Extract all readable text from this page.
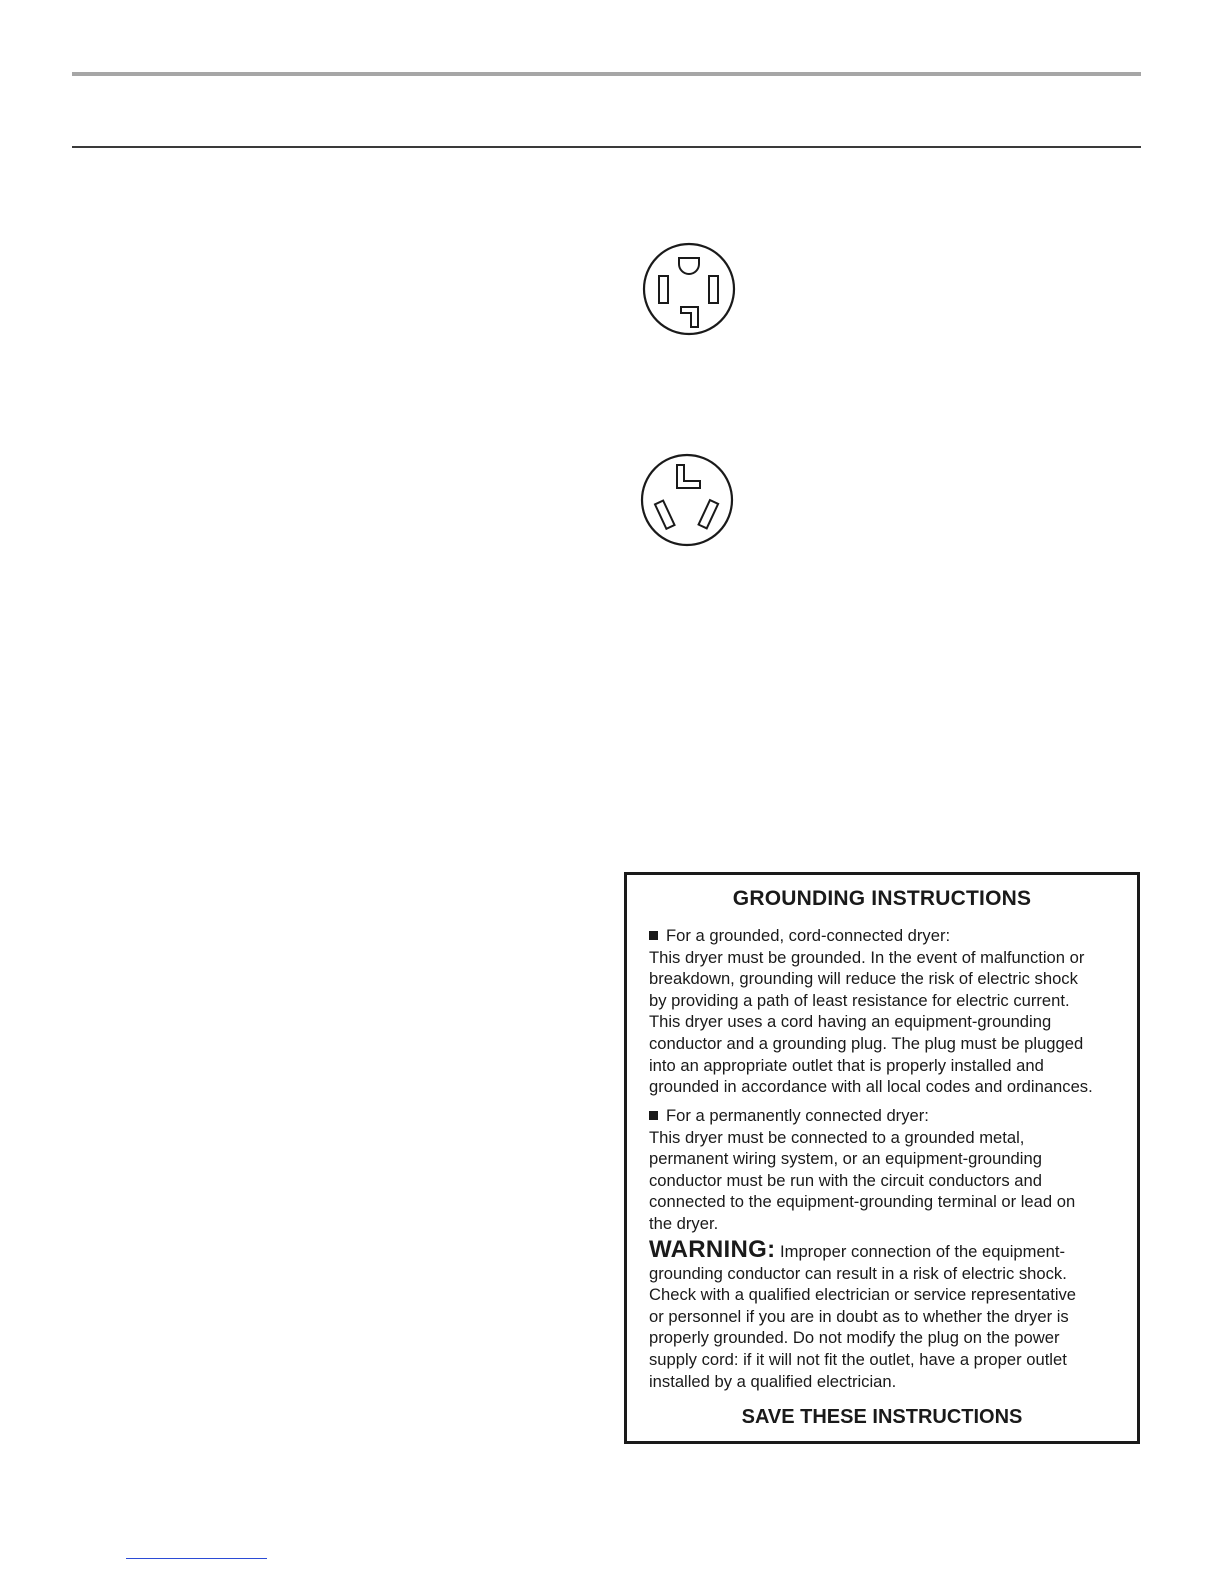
GROUNDING INSTRUCTIONS
For a grounded, cord-connected dryer:
This dryer must be grounded. In the event of malfunction or
breakdown, grounding will reduce the risk of electric shock
by providing a path of least resistance for electric current.
This dryer uses a cord having an equipment-grounding
conductor and a grounding plug. The plug must be plugged
into an appropriate outlet that is properly installed and
grounded in accordance with all local codes and ordinances.
For a permanently connected dryer:
This dryer must be connected to a grounded metal,
permanent wiring system, or an equipment-grounding
conductor must be run with the circuit conductors and
connected to the equipment-grounding terminal or lead on
the dryer.
WARNING: Improper connection of the equipment-
grounding conductor can result in a risk of electric shock.
Check with a qualified electrician or service representative
or personnel if you are in doubt as to whether the dryer is
properly grounded. Do not modify the plug on the power
supply cord: if it will not fit the outlet, have a proper outlet
installed by a qualified electrician.
SAVE THESE INSTRUCTIONS
